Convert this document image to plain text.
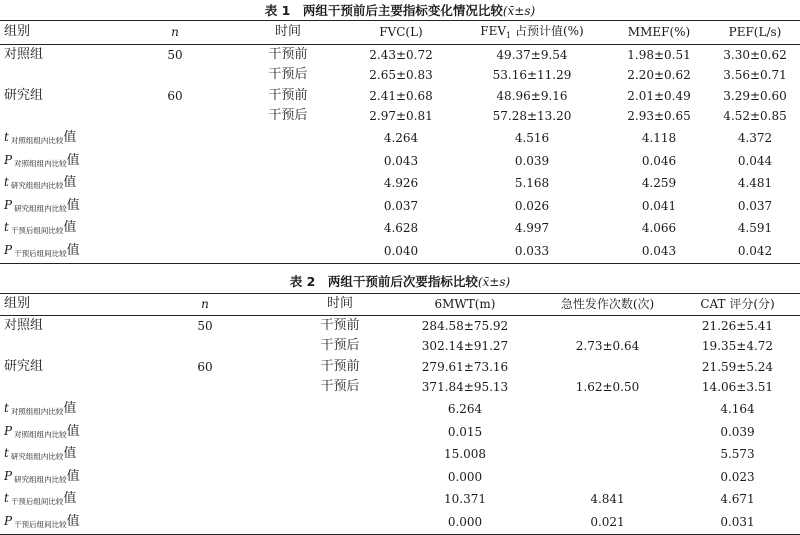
表 1　两组干预前后主要指标变化情况比较(x̄±s)
组别	n	时间	FVC(L)	$FEV_1$ 占预计值(%)	MMEF(%)	PEF(L/s)
对照组	50	干预前	2.43±0.72	49.37±9.54	1.98±0.51	3.30±0.62
		干预后	2.65±0.83	53.16±11.29	2.20±0.62	3.56±0.71
研究组	60	干预前	2.41±0.68	48.96±9.16	2.01±0.49	3.29±0.60
		干预后	2.97±0.81	57.28±13.20	2.93±0.65	4.52±0.85
t 对照组组内比较值			4.264	4.516	4.118	4.372
P 对照组组内比较值			0.043	0.039	0.046	0.044
t 研究组组内比较值			4.926	5.168	4.259	4.481
P 研究组组内比较值			0.037	0.026	0.041	0.037
t 干预后组间比较值			4.628	4.997	4.066	4.591
P 干预后组间比较值			0.040	0.033	0.043	0.042
表 2　两组干预前后次要指标比较(x̄±s)
组别	n	时间	6MWT(m)	急性发作次数(次)	CAT 评分(分)
对照组	50	干预前	284.58±75.92		21.26±5.41
		干预后	302.14±91.27	2.73±0.64	19.35±4.72
研究组	60	干预前	279.61±73.16		21.59±5.24
		干预后	371.84±95.13	1.62±0.50	14.06±3.51
t 对照组组内比较值			6.264		4.164
P 对照组组内比较值			0.015		0.039
t 研究组组内比较值			15.008		5.573
P 研究组组内比较值			0.000		0.023
t 干预后组间比较值			10.371	4.841	4.671
P 干预后组间比较值			0.000	0.021	0.031
